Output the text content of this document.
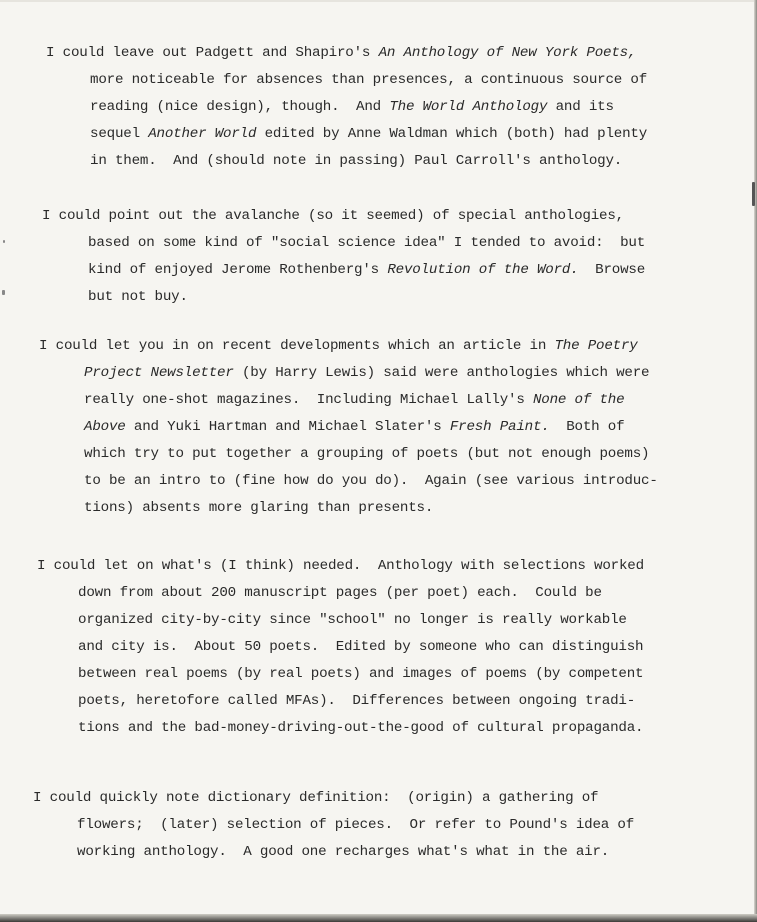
I could leave out Padgett and Shapiro's An Anthology of New York Poets,
more noticeable for absences than presences, a continuous source of
reading (nice design), though.  And The World Anthology and its
sequel Another World edited by Anne Waldman which (both) had plenty
in them.  And (should note in passing) Paul Carroll's anthology.
I could point out the avalanche (so it seemed) of special anthologies,
based on some kind of "social science idea" I tended to avoid:  but
kind of enjoyed Jerome Rothenberg's Revolution of the Word.  Browse
but not buy.
I could let you in on recent developments which an article in The Poetry
Project Newsletter (by Harry Lewis) said were anthologies which were
really one-shot magazines.  Including Michael Lally's None of the
Above and Yuki Hartman and Michael Slater's Fresh Paint.  Both of
which try to put together a grouping of poets (but not enough poems)
to be an intro to (fine how do you do).  Again (see various introduc-
tions) absents more glaring than presents.
I could let on what's (I think) needed.  Anthology with selections worked
down from about 200 manuscript pages (per poet) each.  Could be
organized city-by-city since "school" no longer is really workable
and city is.  About 50 poets.  Edited by someone who can distinguish
between real poems (by real poets) and images of poems (by competent
poets, heretofore called MFAs).  Differences between ongoing tradi-
tions and the bad-money-driving-out-the-good of cultural propaganda.
I could quickly note dictionary definition:  (origin) a gathering of
flowers;  (later) selection of pieces.  Or refer to Pound's idea of
working anthology.  A good one recharges what's what in the air.
